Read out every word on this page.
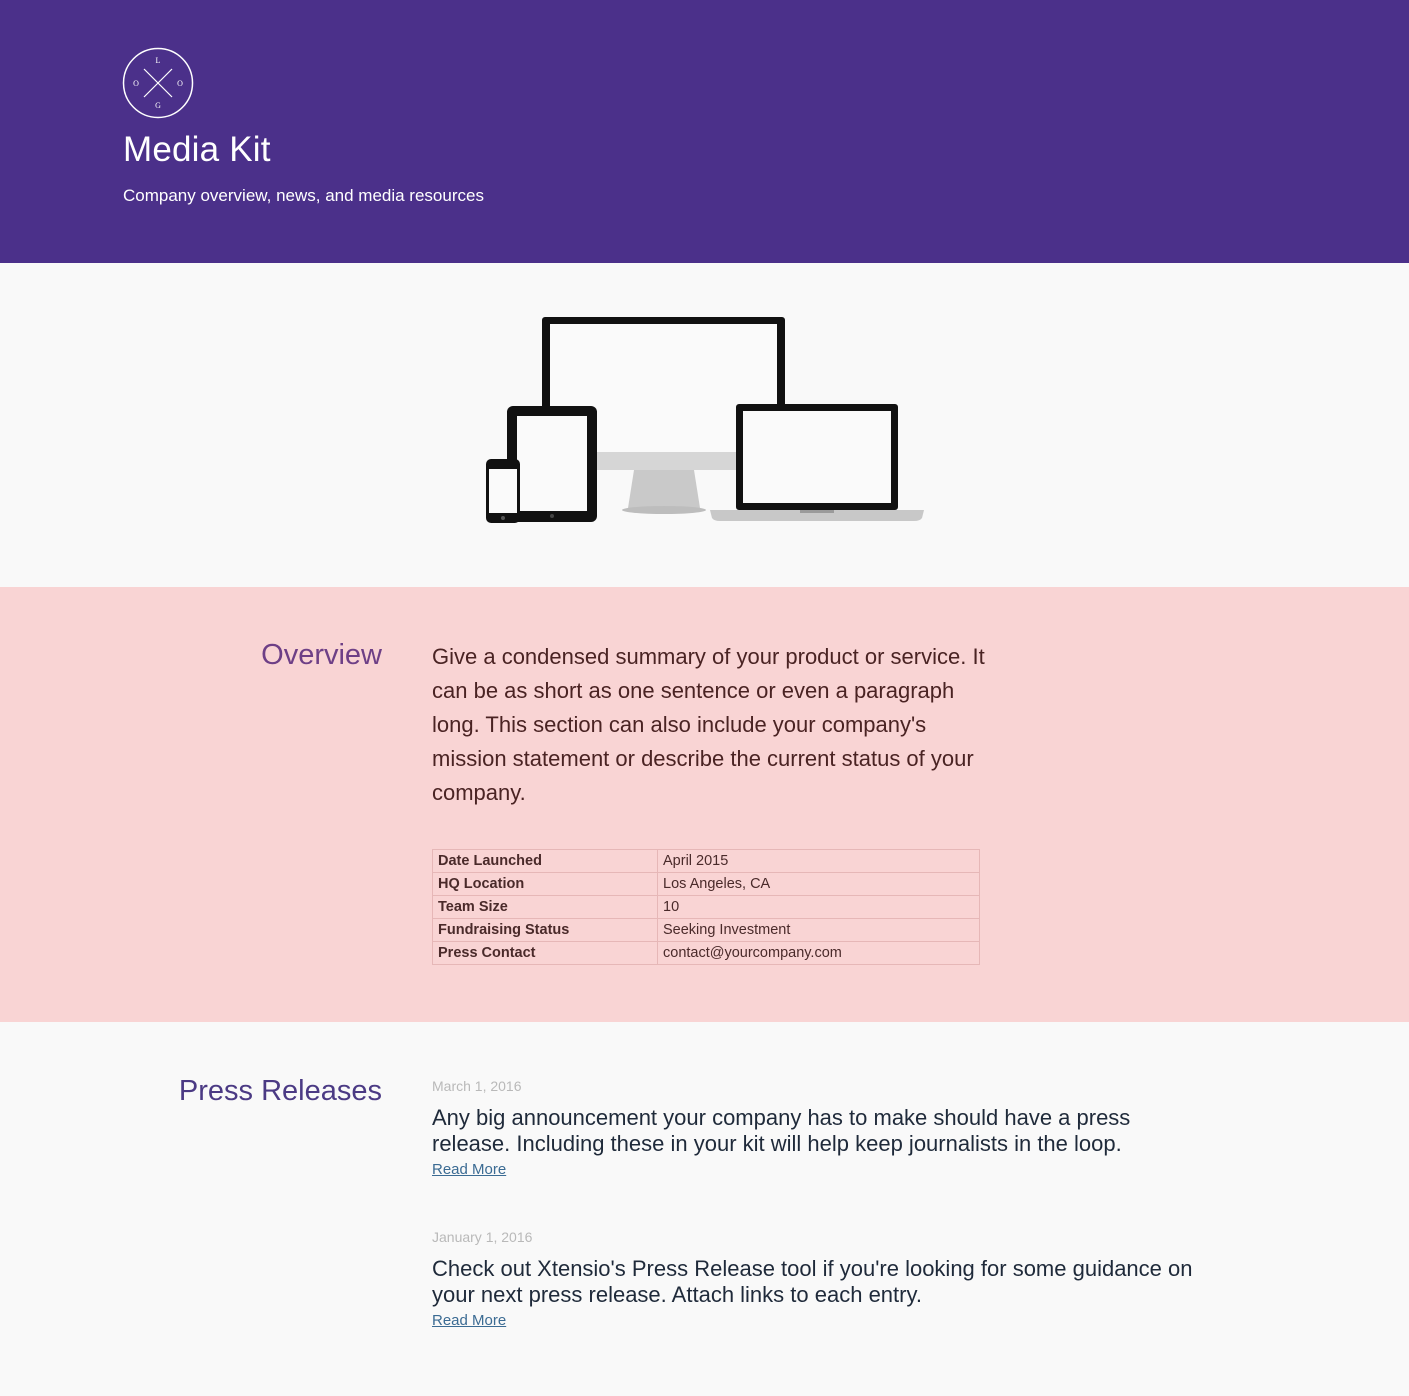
L
O	O
G
Media Kit

Company overview, news, and media resources

Overview Give a condensed summary of your product or service. It can be as short as one sentence or even a paragraph long. This section can also include your company's mission statement or describe the current status of your company.

Date Launched	April 2015
HQ Location	Los Angeles, CA
Team Size	10
Fundraising Status	Seeking Investment
Press Contact	contact@yourcompany.com
Press Releases	March 1, 2016

Any big announcement your company has to make should have a press release. Including these in your kit will help keep journalists in the loop.

Read More
January 1, 2016

Check out Xtensio's Press Release tool if you're looking for some guidance on your next press release. Attach links to each entry.

Read More
